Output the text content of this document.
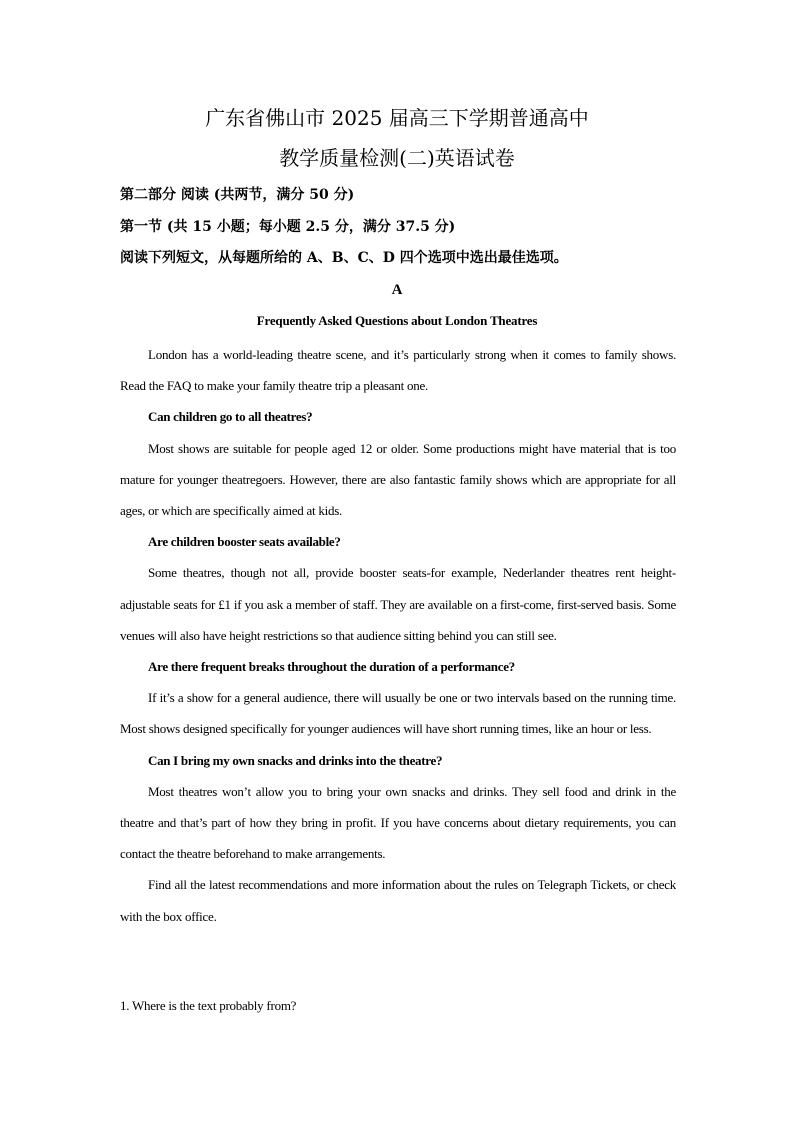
广东省佛山市 2025 届高三下学期普通高中
教学质量检测(二)英语试卷
第二部分 阅读 (共两节，满分 50 分)
第一节 (共 15 小题；每小题 2.5 分，满分 37.5 分)
阅读下列短文，从每题所给的 A、B、C、D 四个选项中选出最佳选项。
A
Frequently Asked Questions about London Theatres

London has a world-leading theatre scene, and it’s particularly strong when it comes to family shows. Read the FAQ to make your family theatre trip a pleasant one.

Can children go to all theatres?

Most shows are suitable for people aged 12 or older. Some productions might have material that is too mature for younger theatregoers. However, there are also fantastic family shows which are appropriate for all ages, or which are specifically aimed at kids.

Are children booster seats available?

Some theatres, though not all, provide booster seats-for example, Nederlander theatres rent height-adjustable seats for £1 if you ask a member of staff. They are available on a first-come, first-served basis. Some venues will also have height restrictions so that audience sitting behind you can still see.

Are there frequent breaks throughout the duration of a performance?

If it’s a show for a general audience, there will usually be one or two intervals based on the running time. Most shows designed specifically for younger audiences will have short running times, like an hour or less.

Can I bring my own snacks and drinks into the theatre?

Most theatres won’t allow you to bring your own snacks and drinks. They sell food and drink in the theatre and that’s part of how they bring in profit. If you have concerns about dietary requirements, you can contact the theatre beforehand to make arrangements.

Find all the latest recommendations and more information about the rules on Telegraph Tickets, or check with the box office.

1. Where is the text probably from?
